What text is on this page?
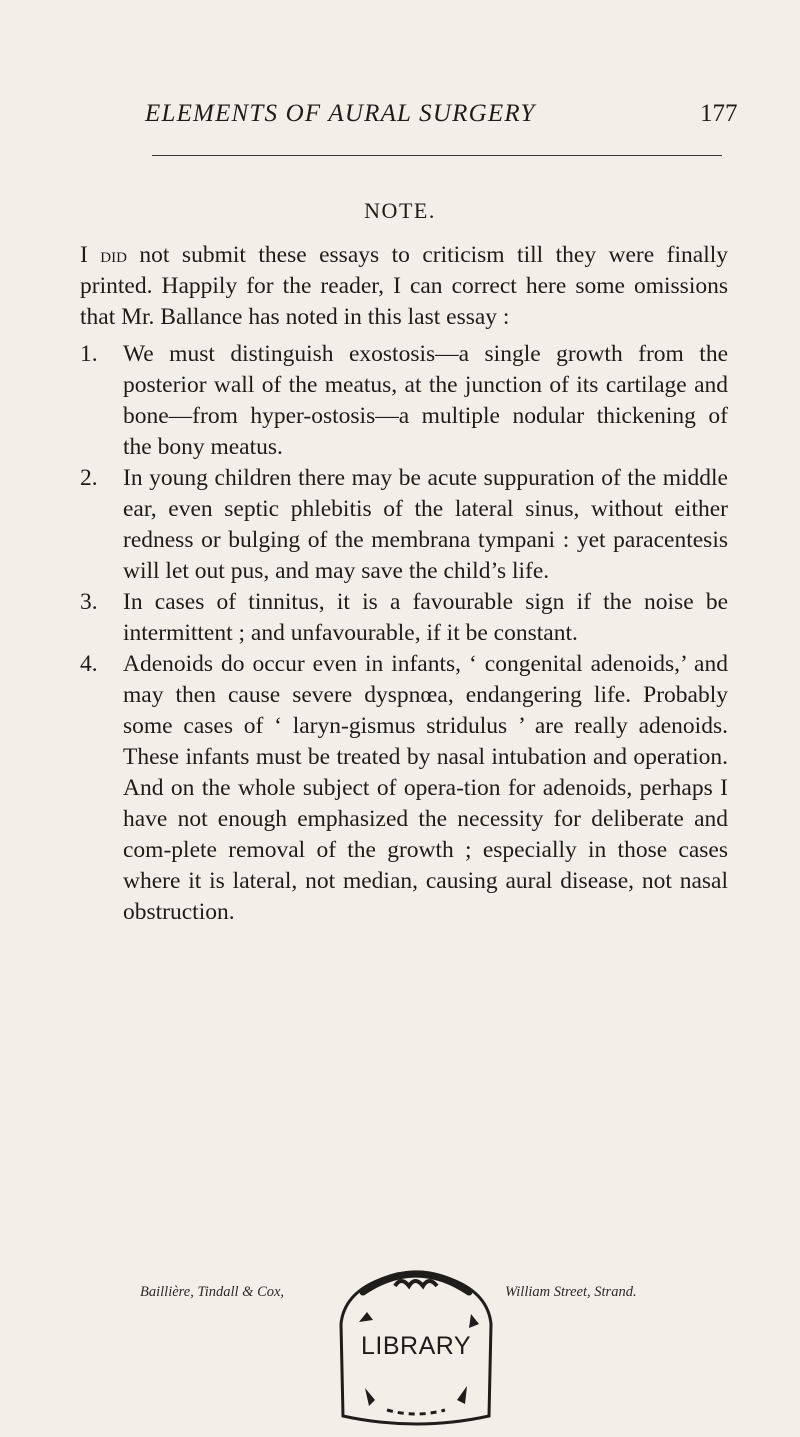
ELEMENTS OF AURAL SURGERY	177
NOTE.

I did not submit these essays to criticism till they were finally printed. Happily for the reader, I can correct here some omissions that Mr. Ballance has noted in this last essay :

1. We must distinguish exostosis—a single growth from the posterior wall of the meatus, at the junction of its cartilage and bone—from hyper-ostosis—a multiple nodular thickening of the bony meatus.
2. In young children there may be acute suppuration of the middle ear, even septic phlebitis of the lateral sinus, without either redness or bulging of the membrana tympani : yet paracentesis will let out pus, and may save the child’s life.
3. In cases of tinnitus, it is a favourable sign if the noise be intermittent ; and unfavourable, if it be constant.
4. Adenoids do occur even in infants, ‘ congenital adenoids,’ and may then cause severe dyspnœa, endangering life. Probably some cases of ‘ laryn-gismus stridulus ’ are really adenoids. These infants must be treated by nasal intubation and operation. And on the whole subject of opera-tion for adenoids, perhaps I have not enough emphasized the necessity for deliberate and com-plete removal of the growth ; especially in those cases where it is lateral, not median, causing aural disease, not nasal obstruction.
Baillière, Tindall & Cox,	William Street, Strand.
LIBRARY
